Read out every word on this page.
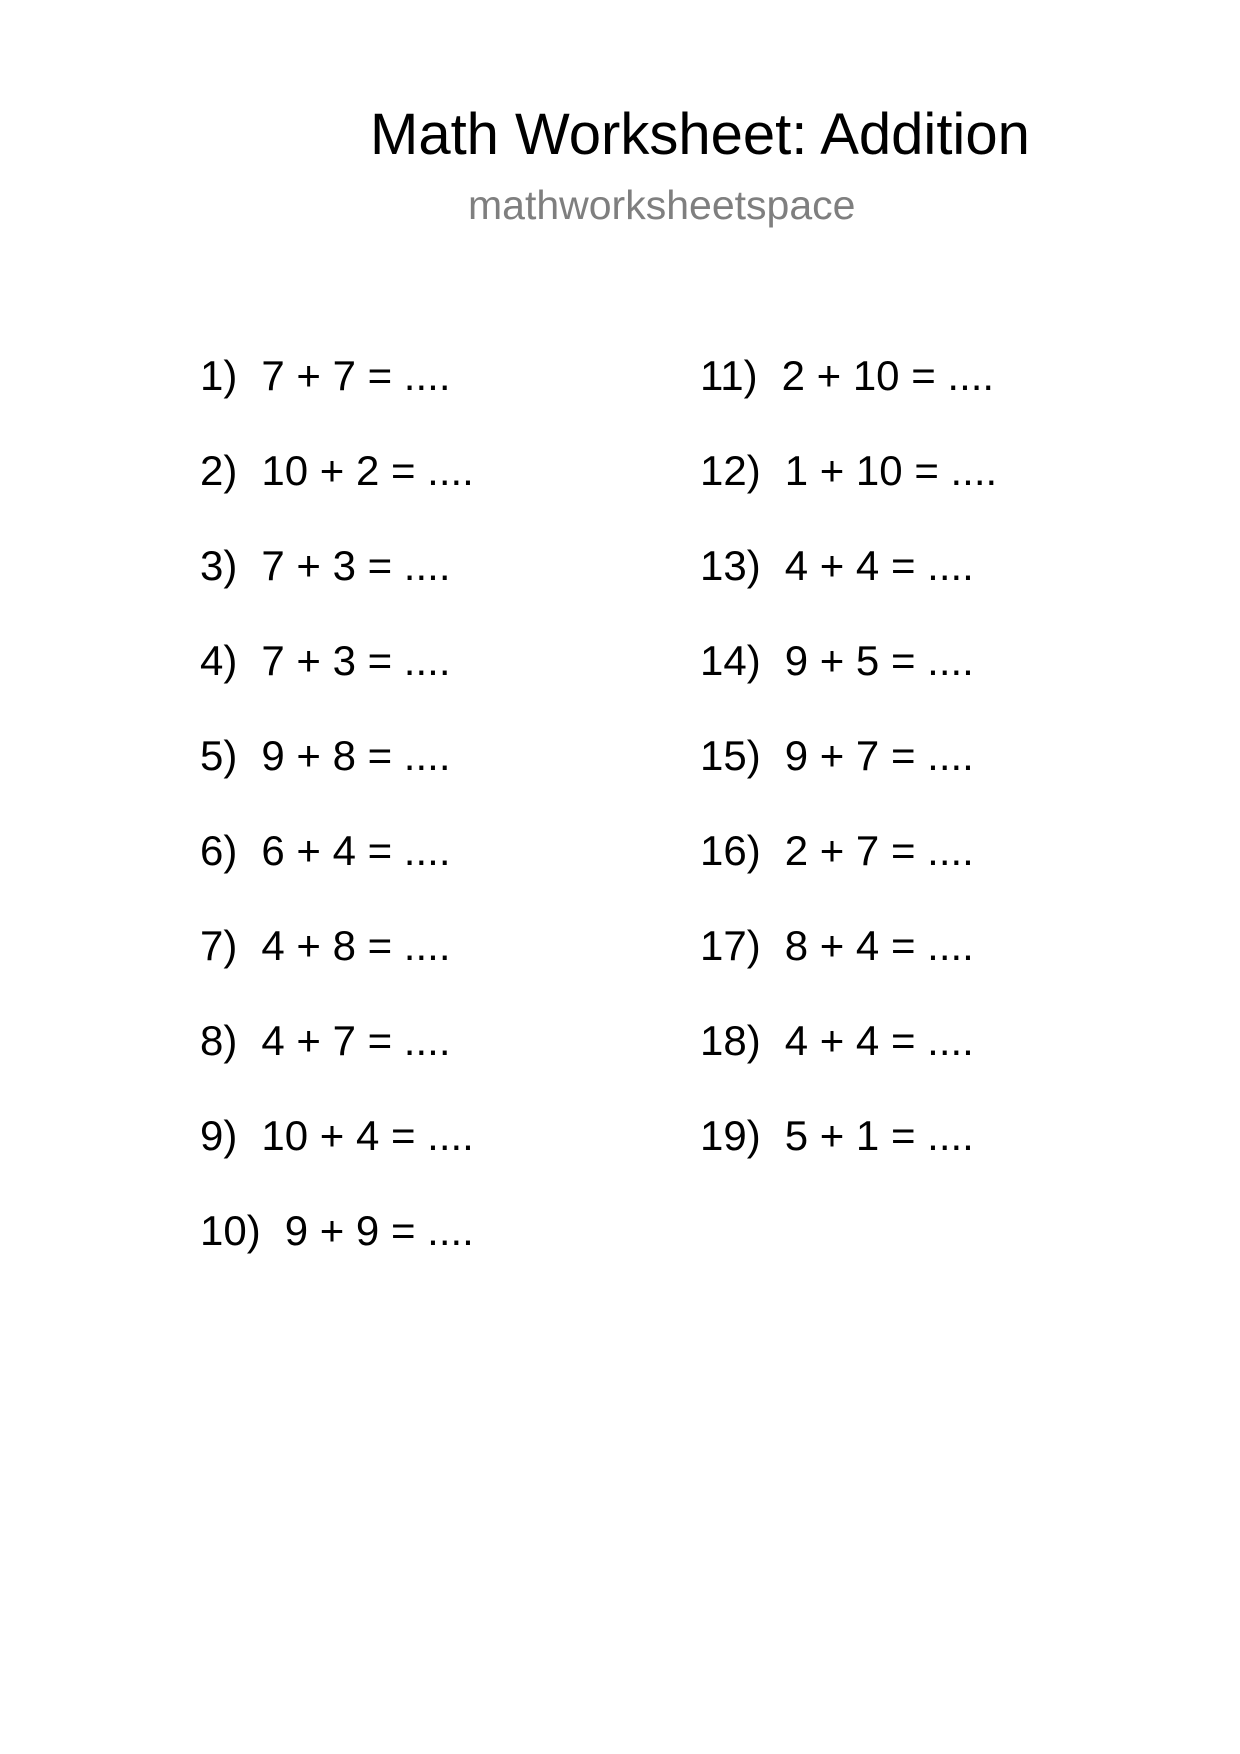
Math Worksheet: Addition
mathworksheetspace
1) 7 + 7 = ....
2) 10 + 2 = ....
3) 7 + 3 = ....
4) 7 + 3 = ....
5) 9 + 8 = ....
6) 6 + 4 = ....
7) 4 + 8 = ....
8) 4 + 7 = ....
9) 10 + 4 = ....
10) 9 + 9 = ....
11) 2 + 10 = ....
12) 1 + 10 = ....
13) 4 + 4 = ....
14) 9 + 5 = ....
15) 9 + 7 = ....
16) 2 + 7 = ....
17) 8 + 4 = ....
18) 4 + 4 = ....
19) 5 + 1 = ....
